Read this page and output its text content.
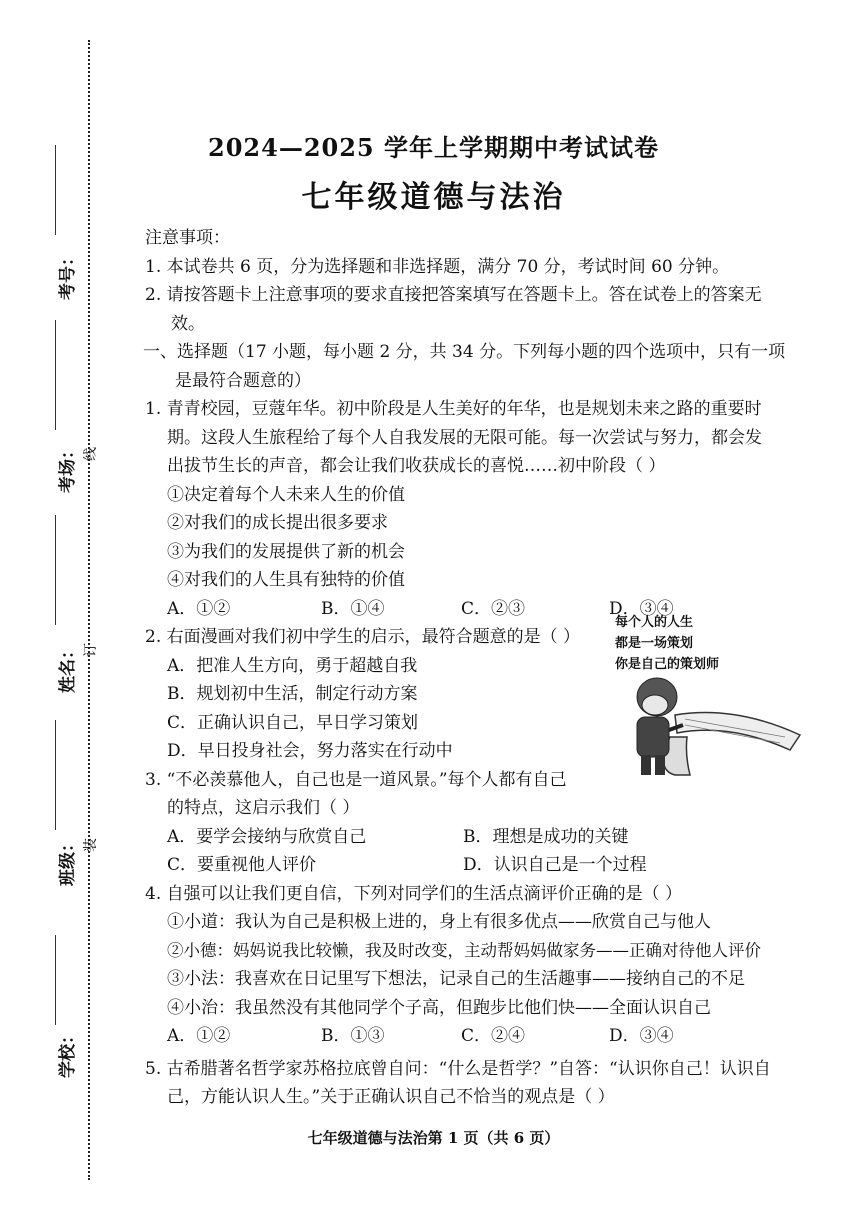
考号：
考场：
姓名：
班级：
学校：
线
订
装
2024—2025 学年上学期期中考试试卷
七年级道德与法治
注意事项：
1. 本试卷共 6 页，分为选择题和非选择题，满分 70 分，考试时间 60 分钟。
2. 请按答题卡上注意事项的要求直接把答案填写在答题卡上。答在试卷上的答案无
效。
一、选择题（17 小题，每小题 2 分，共 34 分。下列每小题的四个选项中，只有一项
是最符合题意的）
1. 青青校园，豆蔻年华。初中阶段是人生美好的年华，也是规划未来之路的重要时
期。这段人生旅程给了每个人自我发展的无限可能。每一次尝试与努力，都会发
出拔节生长的声音，都会让我们收获成长的喜悦……初中阶段（ ）
①决定着每个人未来人生的价值
②对我们的成长提出很多要求
③为我们的发展提供了新的机会
④对我们的人生具有独特的价值
A．①②	B．①④	C．②③	D．③④
2. 右面漫画对我们初中学生的启示，最符合题意的是（ ）
A．把准人生方向，勇于超越自我
B．规划初中生活，制定行动方案
C．正确认识自己，早日学习策划
D．早日投身社会，努力落实在行动中
3. “不必羡慕他人，自己也是一道风景。”每个人都有自己
的特点，这启示我们（ ）
A．要学会接纳与欣赏自己	B．理想是成功的关键
C．要重视他人评价	D．认识自己是一个过程
4. 自强可以让我们更自信，下列对同学们的生活点滴评价正确的是（ ）
①小道：我认为自己是积极上进的，身上有很多优点——欣赏自己与他人
②小德：妈妈说我比较懒，我及时改变，主动帮妈妈做家务——正确对待他人评价
③小法：我喜欢在日记里写下想法，记录自己的生活趣事——接纳自己的不足
④小治：我虽然没有其他同学个子高，但跑步比他们快——全面认识自己
A．①②	B．①③	C．②④	D．③④
5. 古希腊著名哲学家苏格拉底曾自问：“什么是哲学？”自答：“认识你自己！认识自
己，方能认识人生。”关于正确认识自己不恰当的观点是（ ）
每个人的人生
都是一场策划
你是自己的策划师
七年级道德与法治第 1 页（共 6 页）
